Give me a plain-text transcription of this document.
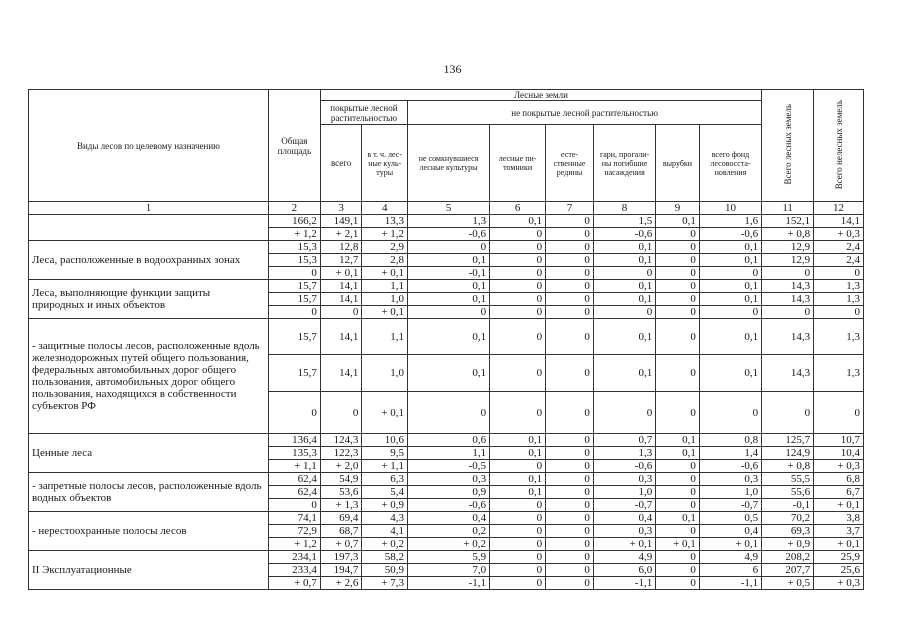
136
Виды лесов по целевому назначению	Общая площадь	Лесные земли								Всего лесных земель	Всего нелесных земель
		покрытые лесной растительностью		не покрытые лесной растительностью							
		всего	в т. ч. лес-ные куль-туры	не сомкнувшиеся лесные культуры	лесные пи-томники	есте-ственные редины	гари, прогали-ны погибшие насаждения	вырубки	всего фонд лесовосста-новления		
1	2	3	4	5	6	7	8	9	10	11	12
	166,2	149,1	13,3	1,3	0,1	0	1,5	0,1	1,6	152,1	14,1
	+ 1,2	+ 2,1	+ 1,2	-0,6	0	0	-0,6	0	-0,6	+ 0,8	+ 0,3
Леса, расположенные в водоохранных зонах	15,3	12,8	2,9	0	0	0	0,1	0	0,1	12,9	2,4
	15,3	12,7	2,8	0,1	0	0	0,1	0	0,1	12,9	2,4
	0	+ 0,1	+ 0,1	-0,1	0	0	0	0	0	0	0
Леса, выполняющие функции защиты природных и иных объектов	15,7	14,1	1,1	0,1	0	0	0,1	0	0,1	14,3	1,3
	15,7	14,1	1,0	0,1	0	0	0,1	0	0,1	14,3	1,3
	0	0	+ 0,1	0	0	0	0	0	0	0	0
- защитные полосы лесов, расположенные вдоль железнодорожных путей общего пользования, федеральных автомобильных дорог общего пользования, автомобильных дорог общего пользования, находящихся в собственности субъектов РФ	15,7	14,1	1,1	0,1	0	0	0,1	0	0,1	14,3	1,3
	15,7	14,1	1,0	0,1	0	0	0,1	0	0,1	14,3	1,3
	0	0	+ 0,1	0	0	0	0	0	0	0	0
Ценные леса	136,4	124,3	10,6	0,6	0,1	0	0,7	0,1	0,8	125,7	10,7
	135,3	122,3	9,5	1,1	0,1	0	1,3	0,1	1,4	124,9	10,4
	+ 1,1	+ 2,0	+ 1,1	-0,5	0	0	-0,6	0	-0,6	+ 0,8	+ 0,3
- запретные полосы лесов, расположенные вдоль водных объектов	62,4	54,9	6,3	0,3	0,1	0	0,3	0	0,3	55,5	6,8
	62,4	53,6	5,4	0,9	0,1	0	1,0	0	1,0	55,6	6,7
	0	+ 1,3	+ 0,9	-0,6	0	0	-0,7	0	-0,7	-0,1	+ 0,1
- нерестоохранные полосы лесов	74,1	69,4	4,3	0,4	0	0	0,4	0,1	0,5	70,2	3,8
	72,9	68,7	4,1	0,2	0	0	0,3	0	0,4	69,3	3,7
	+ 1,2	+ 0,7	+ 0,2	+ 0,2	0	0	+ 0,1	+ 0,1	+ 0,1	+ 0,9	+ 0,1
II Эксплуатационные	234,1	197,3	58,2	5,9	0	0	4,9	0	4,9	208,2	25,9
	233,4	194,7	50,9	7,0	0	0	6,0	0	6	207,7	25,6
	+ 0,7	+ 2,6	+ 7,3	-1,1	0	0	-1,1	0	-1,1	+ 0,5	+ 0,3
